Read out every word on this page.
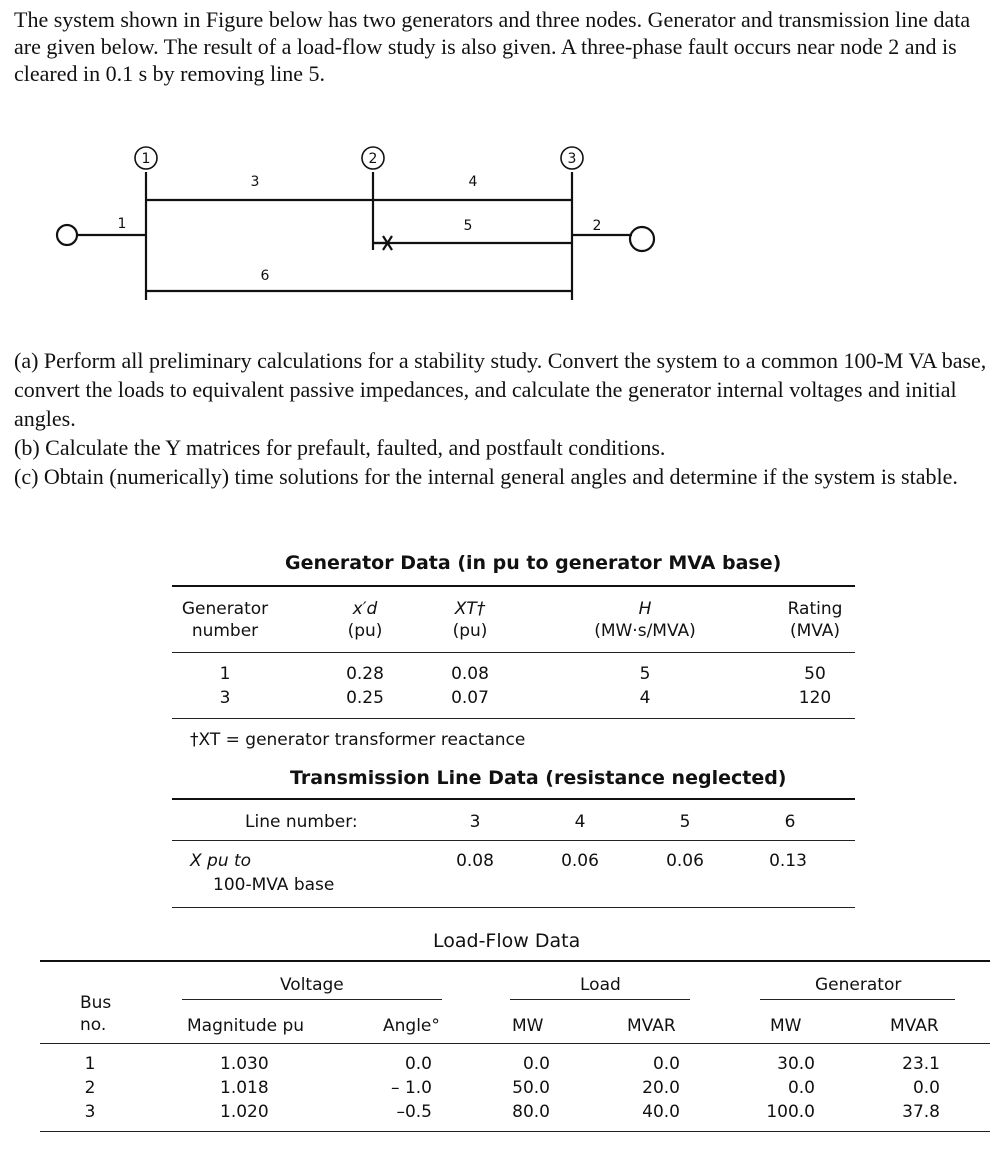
The system shown in Figure below has two generators and three nodes. Generator and transmission line data are given below. The result of a load-flow study is also given. A three-phase fault occurs near node 2 and is cleared in 0.1 s by removing line 5.

1	2	3
3	4
5
6
1	2

(a) Perform all preliminary calculations for a stability study. Convert the system to a common 100-M VA base, convert the loads to equivalent passive impedances, and calculate the generator internal voltages and initial angles.

(b) Calculate the Y matrices for prefault, faulted, and postfault conditions.

(c) Obtain (numerically) time solutions for the internal general angles and determine if the system is stable.

Generator Data (in pu to generator MVA base)
Generator
number
x′d
(pu)
XT†
(pu)
H
(MW·s/MVA)
Rating
(MVA)
1	0.28	0.08	5	50
3	0.25	0.07	4	120
†XT = generator transformer reactance
Transmission Line Data (resistance neglected)
Line number:	3	4	5	6
X pu to
100-MVA base
0.08	0.06	0.06	0.13
Load-Flow Data
Voltage	Load	Generator
Bus
no.	Magnitude pu	Angle°	MW	MVAR	MW	MVAR
1	1.030	0.0	0.0	0.0	30.0	23.1
2	1.018	– 1.0	50.0	20.0	0.0	0.0
3	1.020	–0.5	80.0	40.0	100.0	37.8
